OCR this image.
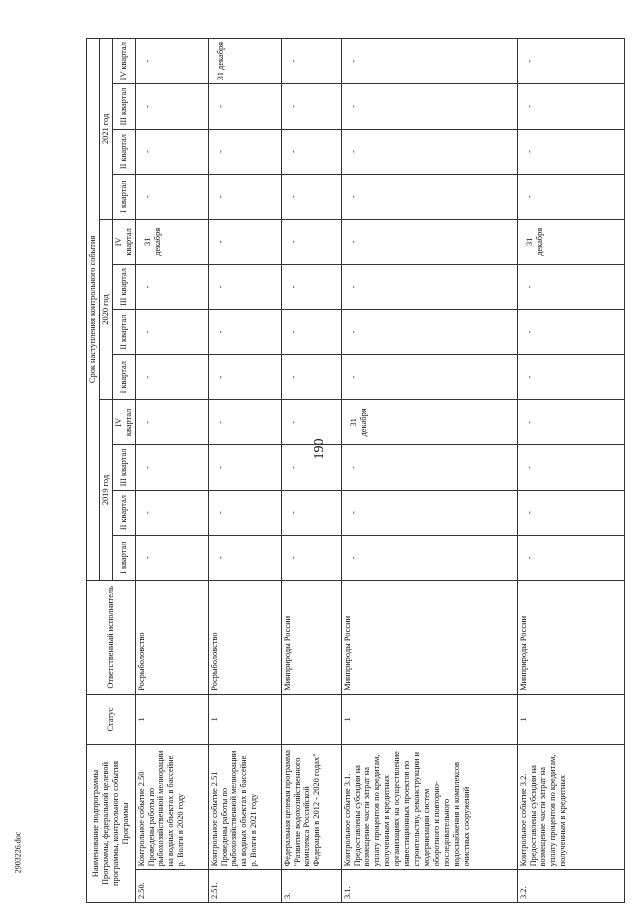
190
2903226.doc	Наименование подпрограммы Программы, федеральной целевой программы, контрольного события Программы		Статус	Ответственный исполнитель	Срок наступления контрольного события											
				2019 год				2020 год				2021 год			
				I квартал	II квартал	III квартал	IV квартал	I квартал	II квартал	III квартал	IV квартал	I квартал	II квартал	III квартал	IV квартал
2.50.	Контрольное событие 2.50 Проведены работы по рыбохозяйственной мелиорации на водных объектах в бассейне р. Волги в 2020 году	1	Росрыболовство	-	-	-	-	-	-	-	31 декабря	-	-	-	-
2.51.	Контрольное событие 2.51 Проведены работы по рыбохозяйственной мелиорации на водных объектах в бассейне р. Волги в 2021 году	1	Росрыболовство	-	-	-	-	-	-	-	-	-	-	-	31 декабря
3.	Федеральная целевая программа "Развитие водохозяйственного комплекса Российской Федерации в 2012 - 2020 годах"		Минприроды России	-	-	-	-	-	-	-	-	-	-	-	-
3.1.	Контрольное событие 3.1. Предоставлены субсидии на возмещение части затрат на уплату процентов по кредитам, полученным в кредитных организациях на осуществление инвестиционных проектов по строительству, реконструкции и модернизации систем оборотного и повторно-последовательного водоснабжения и комплексов очистных сооружений	1	Минприроды России	-	-	-	31 декабря	-	-	-	-	-	-	-	-
3.2.	Контрольное событие 3.2. Предоставлены субсидии на возмещение части затрат на уплату процентов по кредитам, полученным в кредитных	1	Минприроды России	-	-	-	-	-	-	-	31 декабря	-	-	-	-
